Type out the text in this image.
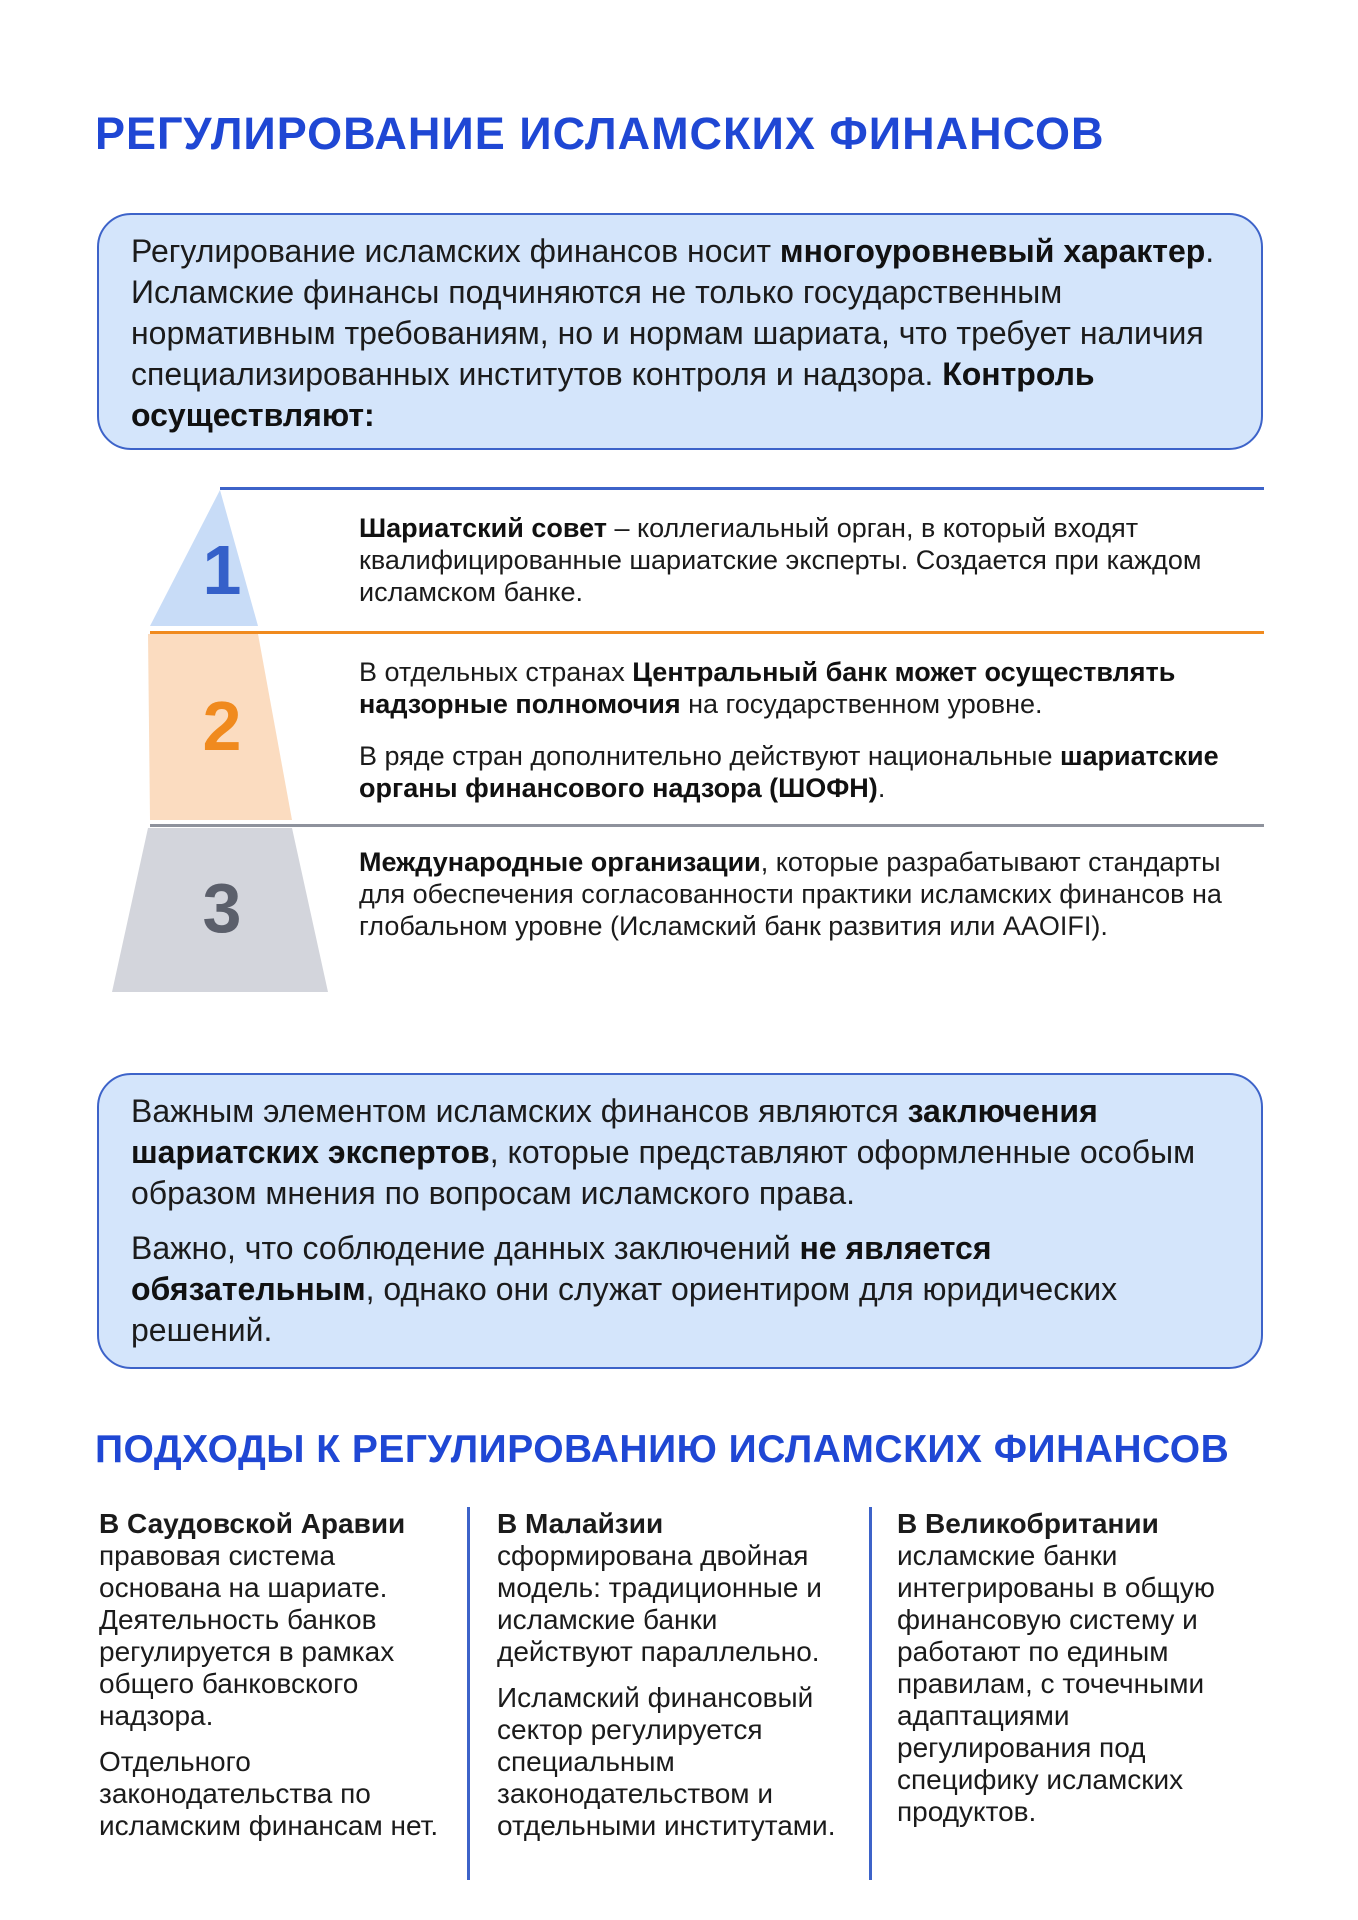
РЕГУЛИРОВАНИЕ ИСЛАМСКИХ ФИНАНСОВ

Регулирование исламских финансов носит многоуровневый характер. Исламские финансы подчиняются не только государственным нормативным требованиям, но и нормам шариата, что требует наличия специализированных институтов контроля и надзора. Контроль осуществляют:

1
2
3

Шариатский совет – коллегиальный орган, в который входят квалифицированные шариатские эксперты. Создается при каждом исламском банке.

В отдельных странах Центральный банк может осуществлять надзорные полномочия на государственном уровне.

В ряде стран дополнительно действуют национальные шариатские органы финансового надзора (ШОФН).

Международные организации, которые разрабатывают стандарты для обеспечения согласованности практики исламских финансов на глобальном уровне (Исламский банк развития или AAOIFI).

Важным элементом исламских финансов являются заключения шариатских экспертов, которые представляют оформленные особым образом мнения по вопросам исламского права.

Важно, что соблюдение данных заключений не является обязательным, однако они служат ориентиром для юридических решений.

ПОДХОДЫ К РЕГУЛИРОВАНИЮ ИСЛАМСКИХ ФИНАНСОВ

В Саудовской Аравии
правовая система основана на шариате. Деятельность банков регулируется в рамках общего банковского надзора.

Отдельного законодательства по исламским финансам нет.

В Малайзии
сформирована двойная модель: традиционные и исламские банки действуют параллельно.

Исламский финансовый сектор регулируется специальным законодательством и отдельными институтами.

В Великобритании
исламские банки интегрированы в общую финансовую систему и работают по единым правилам, с точечными адаптациями регулирования под специфику исламских продуктов.
